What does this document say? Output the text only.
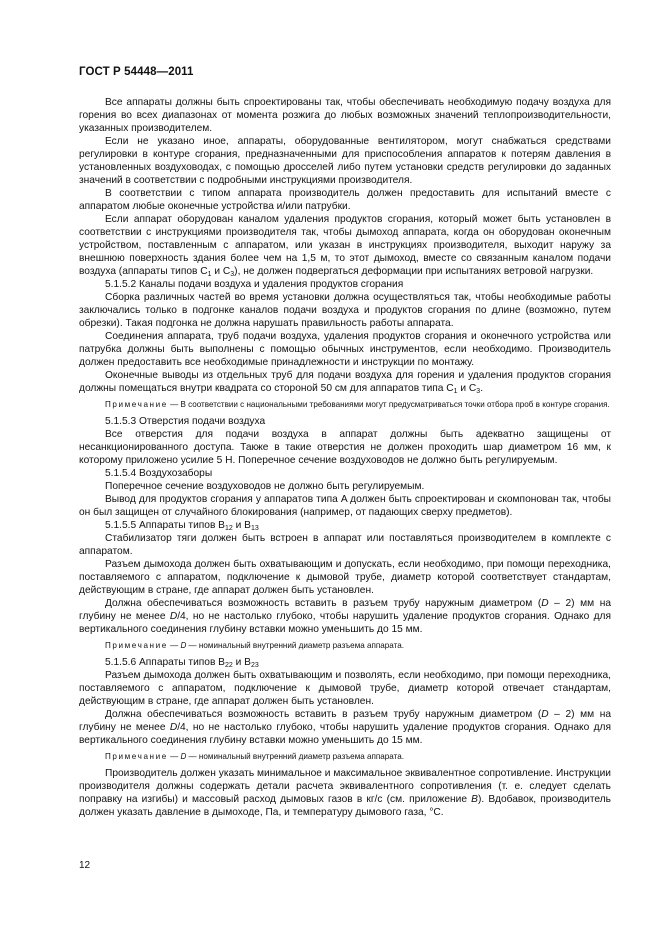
ГОСТ Р 54448—2011

Все аппараты должны быть спроектированы так, чтобы обеспечивать необходимую подачу воздуха для горения во всех диапазонах от момента розжига до любых возможных значений теплопроизводительности, указанных производителем.

Если не указано иное, аппараты, оборудованные вентилятором, могут снабжаться средствами регулировки в контуре сгорания, предназначенными для приспособления аппаратов к потерям давления в установленных воздуховодах, с помощью дросселей либо путем установки средств регулировки до заданных значений в соответствии с подробными инструкциями производителя.

В соответствии с типом аппарата производитель должен предоставить для испытаний вместе с аппаратом любые оконечные устройства и/или патрубки.

Если аппарат оборудован каналом удаления продуктов сгорания, который может быть установлен в соответствии с инструкциями производителя так, чтобы дымоход аппарата, когда он оборудован оконечным устройством, поставленным с аппаратом, или указан в инструкциях производителя, выходит наружу за внешнюю поверхность здания более чем на 1,5 м, то этот дымоход, вместе со связанным каналом подачи воздуха (аппараты типов $C_1$ и $C_3$), не должен подвергаться деформации при испытаниях ветровой нагрузки.

5.1.5.2 Каналы подачи воздуха и удаления продуктов сгорания

Сборка различных частей во время установки должна осуществляться так, чтобы необходимые работы заключались только в подгонке каналов подачи воздуха и продуктов сгорания по длине (возможно, путем обрезки). Такая подгонка не должна нарушать правильность работы аппарата.

Соединения аппарата, труб подачи воздуха, удаления продуктов сгорания и оконечного устройства или патрубка должны быть выполнены с помощью обычных инструментов, если необходимо. Производитель должен предоставить все необходимые принадлежности и инструкции по монтажу.

Оконечные выводы из отдельных труб для подачи воздуха для горения и удаления продуктов сгорания должны помещаться внутри квадрата со стороной 50 см для аппаратов типа $C_1$ и $C_3$.

Примечание — В соответствии с национальными требованиями могут предусматриваться точки отбора проб в контуре сгорания.

5.1.5.3 Отверстия подачи воздуха

Все отверстия для подачи воздуха в аппарат должны быть адекватно защищены от несанкционированного доступа. Также в такие отверстия не должен проходить шар диаметром 16 мм, к которому приложено усилие 5 Н. Поперечное сечение воздуховодов не должно быть регулируемым.

5.1.5.4 Воздухозаборы

Поперечное сечение воздуховодов не должно быть регулируемым.

Вывод для продуктов сгорания у аппаратов типа A должен быть спроектирован и скомпонован так, чтобы он был защищен от случайного блокирования (например, от падающих сверху предметов).

5.1.5.5 Аппараты типов $B_{12}$ и $B_{13}$

Стабилизатор тяги должен быть встроен в аппарат или поставляться производителем в комплекте с аппаратом.

Разъем дымохода должен быть охватывающим и допускать, если необходимо, при помощи переходника, поставляемого с аппаратом, подключение к дымовой трубе, диаметр которой соответствует стандартам, действующим в стране, где аппарат должен быть установлен.

Должна обеспечиваться возможность вставить в разъем трубу наружным диаметром (D – 2) мм на глубину не менее D/4, но не настолько глубоко, чтобы нарушить удаление продуктов сгорания. Однако для вертикального соединения глубину вставки можно уменьшить до 15 мм.

Примечание — D — номинальный внутренний диаметр разъема аппарата.

5.1.5.6 Аппараты типов $B_{22}$ и $B_{23}$

Разъем дымохода должен быть охватывающим и позволять, если необходимо, при помощи переходника, поставляемого с аппаратом, подключение к дымовой трубе, диаметр которой отвечает стандартам, действующим в стране, где аппарат должен быть установлен.

Должна обеспечиваться возможность вставить в разъем трубу наружным диаметром (D – 2) мм на глубину не менее D/4, но не настолько глубоко, чтобы нарушить удаление продуктов сгорания. Однако для вертикального соединения глубину вставки можно уменьшить до 15 мм.

Примечание — D — номинальный внутренний диаметр разъема аппарата.

Производитель должен указать минимальное и максимальное эквивалентное сопротивление. Инструкции производителя должны содержать детали расчета эквивалентного сопротивления (т. е. следует сделать поправку на изгибы) и массовый расход дымовых газов в кг/с (см. приложение B). Вдобавок, производитель должен указать давление в дымоходе, Па, и температуру дымового газа, °С.

12
